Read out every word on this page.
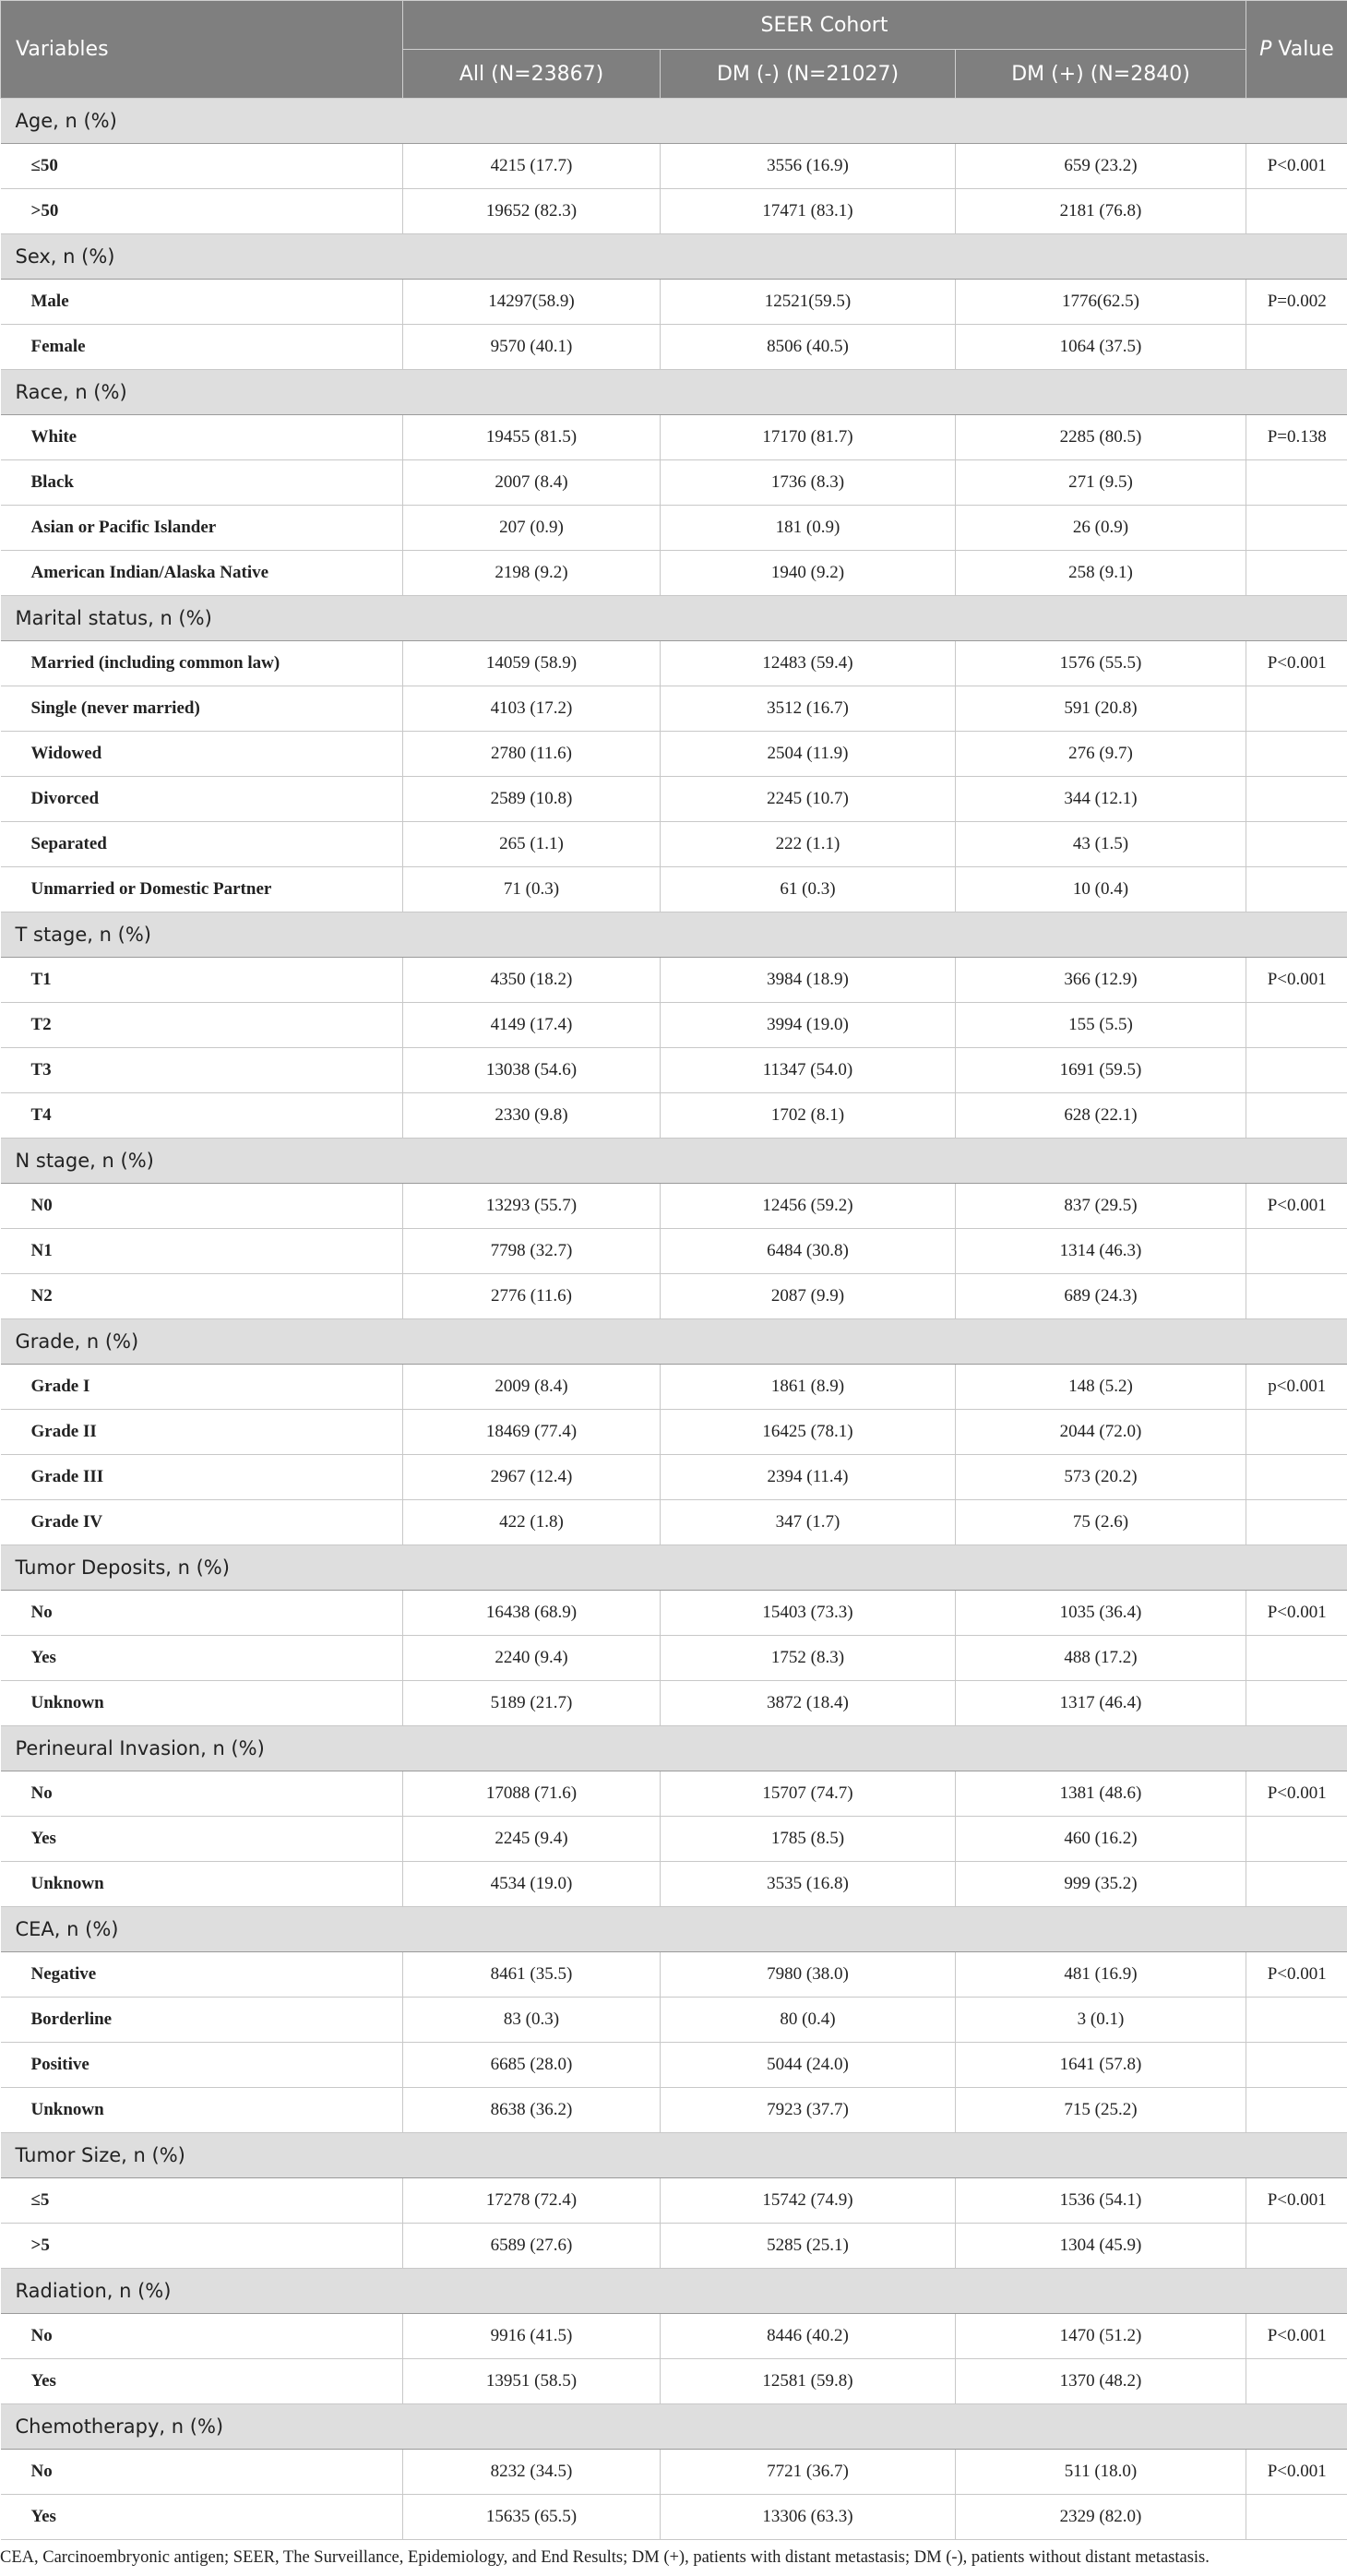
Variables	SEER Cohort			P Value
	All (N=23867)	DM (-) (N=21027)	DM (+) (N=2840)	
Age, n (%)				
≤50	4215 (17.7)	3556 (16.9)	659 (23.2)	P<0.001
>50	19652 (82.3)	17471 (83.1)	2181 (76.8)	
Sex, n (%)				
Male	14297(58.9)	12521(59.5)	1776(62.5)	P=0.002
Female	9570 (40.1)	8506 (40.5)	1064 (37.5)	
Race, n (%)				
White	19455 (81.5)	17170 (81.7)	2285 (80.5)	P=0.138
Black	2007 (8.4)	1736 (8.3)	271 (9.5)	
Asian or Pacific Islander	207 (0.9)	181 (0.9)	26 (0.9)	
American Indian/Alaska Native	2198 (9.2)	1940 (9.2)	258 (9.1)	
Marital status, n (%)				
Married (including common law)	14059 (58.9)	12483 (59.4)	1576 (55.5)	P<0.001
Single (never married)	4103 (17.2)	3512 (16.7)	591 (20.8)	
Widowed	2780 (11.6)	2504 (11.9)	276 (9.7)	
Divorced	2589 (10.8)	2245 (10.7)	344 (12.1)	
Separated	265 (1.1)	222 (1.1)	43 (1.5)	
Unmarried or Domestic Partner	71 (0.3)	61 (0.3)	10 (0.4)	
T stage, n (%)				
T1	4350 (18.2)	3984 (18.9)	366 (12.9)	P<0.001
T2	4149 (17.4)	3994 (19.0)	155 (5.5)	
T3	13038 (54.6)	11347 (54.0)	1691 (59.5)	
T4	2330 (9.8)	1702 (8.1)	628 (22.1)	
N stage, n (%)				
N0	13293 (55.7)	12456 (59.2)	837 (29.5)	P<0.001
N1	7798 (32.7)	6484 (30.8)	1314 (46.3)	
N2	2776 (11.6)	2087 (9.9)	689 (24.3)	
Grade, n (%)				
Grade I	2009 (8.4)	1861 (8.9)	148 (5.2)	p<0.001
Grade II	18469 (77.4)	16425 (78.1)	2044 (72.0)	
Grade III	2967 (12.4)	2394 (11.4)	573 (20.2)	
Grade IV	422 (1.8)	347 (1.7)	75 (2.6)	
Tumor Deposits, n (%)				
No	16438 (68.9)	15403 (73.3)	1035 (36.4)	P<0.001
Yes	2240 (9.4)	1752 (8.3)	488 (17.2)	
Unknown	5189 (21.7)	3872 (18.4)	1317 (46.4)	
Perineural Invasion, n (%)				
No	17088 (71.6)	15707 (74.7)	1381 (48.6)	P<0.001
Yes	2245 (9.4)	1785 (8.5)	460 (16.2)	
Unknown	4534 (19.0)	3535 (16.8)	999 (35.2)	
CEA, n (%)				
Negative	8461 (35.5)	7980 (38.0)	481 (16.9)	P<0.001
Borderline	83 (0.3)	80 (0.4)	3 (0.1)	
Positive	6685 (28.0)	5044 (24.0)	1641 (57.8)	
Unknown	8638 (36.2)	7923 (37.7)	715 (25.2)	
Tumor Size, n (%)				
≤5	17278 (72.4)	15742 (74.9)	1536 (54.1)	P<0.001
>5	6589 (27.6)	5285 (25.1)	1304 (45.9)	
Radiation, n (%)				
No	9916 (41.5)	8446 (40.2)	1470 (51.2)	P<0.001
Yes	13951 (58.5)	12581 (59.8)	1370 (48.2)	
Chemotherapy, n (%)				
No	8232 (34.5)	7721 (36.7)	511 (18.0)	P<0.001
Yes	15635 (65.5)	13306 (63.3)	2329 (82.0)	
CEA, Carcinoembryonic antigen; SEER, The Surveillance, Epidemiology, and End Results; DM (+), patients with distant metastasis; DM (-), patients without distant metastasis.
